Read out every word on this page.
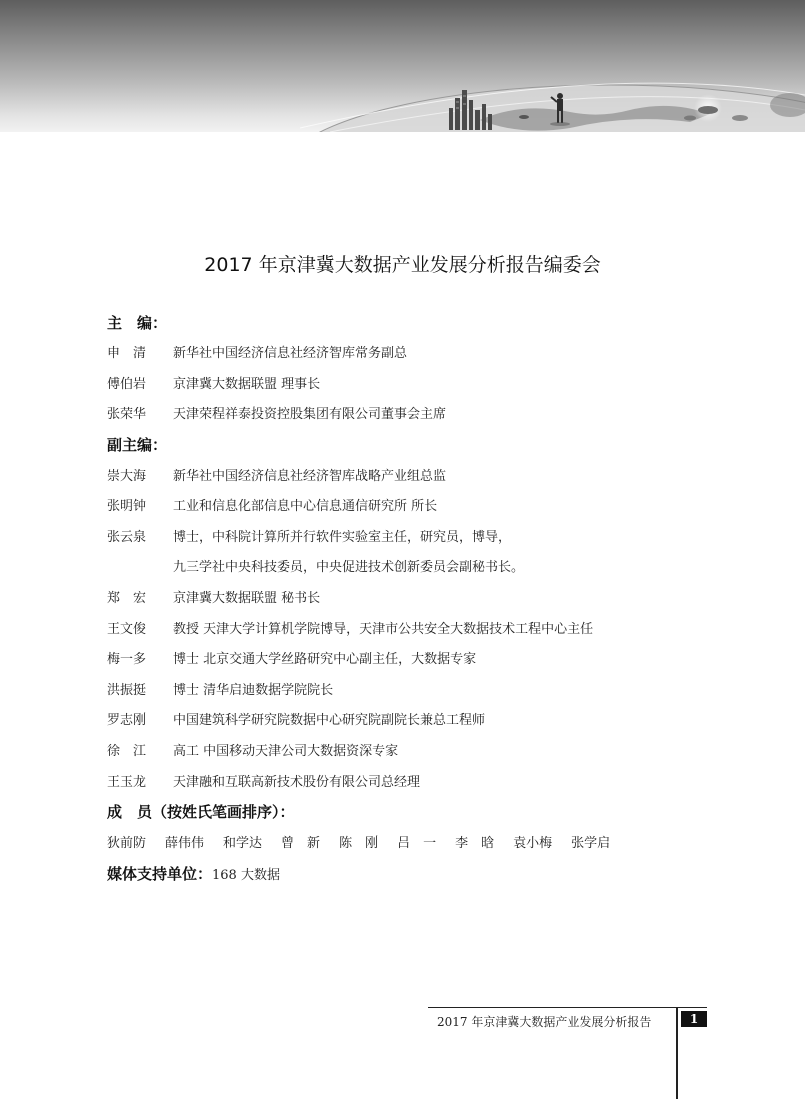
2017 年京津冀大数据产业发展分析报告编委会
主　编：
申　清 新华社中国经济信息社经济智库常务副总
傅伯岩 京津冀大数据联盟 理事长
张荣华 天津荣程祥泰投资控股集团有限公司董事会主席
副主编：
崇大海 新华社中国经济信息社经济智库战略产业组总监
张明钟 工业和信息化部信息中心信息通信研究所 所长
张云泉 博士，中科院计算所并行软件实验室主任，研究员，博导，
九三学社中央科技委员，中央促进技术创新委员会副秘书长。
郑　宏 京津冀大数据联盟 秘书长
王文俊 教授 天津大学计算机学院博导，天津市公共安全大数据技术工程中心主任
梅一多 博士 北京交通大学丝路研究中心副主任，大数据专家
洪振挺 博士 清华启迪数据学院院长
罗志刚 中国建筑科学研究院数据中心研究院副院长兼总工程师
徐　江 高工 中国移动天津公司大数据资深专家
王玉龙 天津融和互联高新技术股份有限公司总经理
成　员（按姓氏笔画排序）：
狄前防 薛伟伟 和学达 曾　新 陈　刚 吕　一 李　晗 袁小梅 张学启
媒体支持单位：168 大数据
2017 年京津冀大数据产业发展分析报告	1
